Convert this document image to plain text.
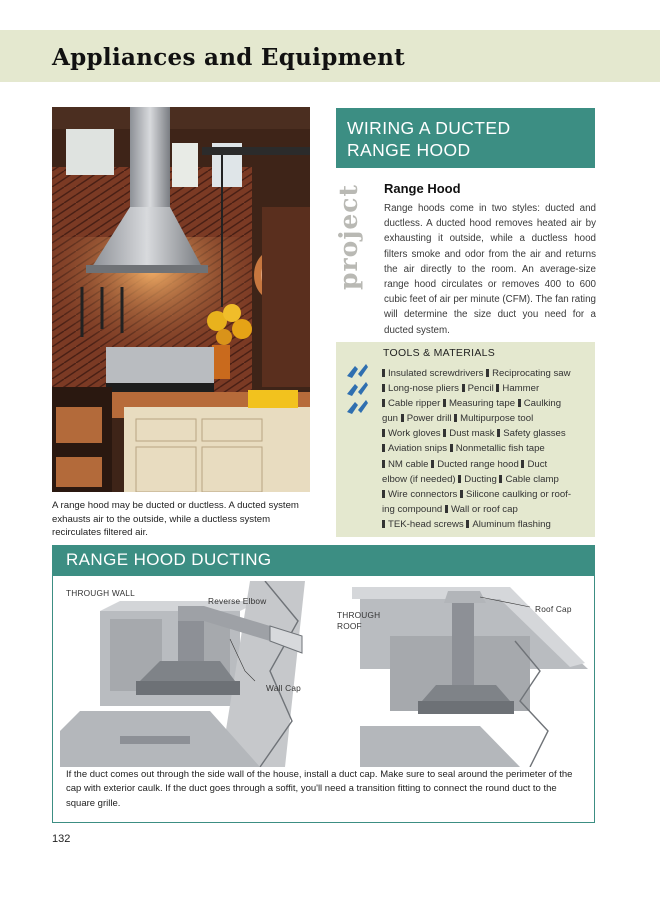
Appliances and Equipment
A range hood may be ducted or ductless. A ducted system exhausts air to the outside, while a ductless system recirculates filtered air.
WIRING A DUCTED
RANGE HOOD
project Range Hood
Range hoods come in two styles: ducted and ductless. A ducted hood removes heated air by exhausting it outside, while a ductless hood filters smoke and odor from the air and returns the air directly to the room. An average-size range hood circulates or removes 400 to 600 cubic feet of air per minute (CFM). The fan rating will determine the size duct you need for a ducted system.
TOOLS & MATERIALS
Insulated screwdrivers Reciprocating saw
Long-nose pliers Pencil Hammer
Cable ripper Measuring tape Caulking
gun Power drill Multipurpose tool
Work gloves Dust mask Safety glasses
Aviation snips Nonmetallic fish tape
NM cable Ducted range hood Duct
elbow (if needed) Ducting Cable clamp
Wire connectors Silicone caulking or roof-
ing compound Wall or roof cap
TEK-head screws Aluminum flashing
RANGE HOOD DUCTING
THROUGH WALL
Reverse Elbow
Wall Cap
THROUGH
ROOF
Roof Cap
If the duct comes out through the side wall of the house, install a duct cap. Make sure to seal around the perimeter of the cap with exterior caulk. If the duct goes through a soffit, you'll need a transition fitting to connect the round duct to the square grille.
132
